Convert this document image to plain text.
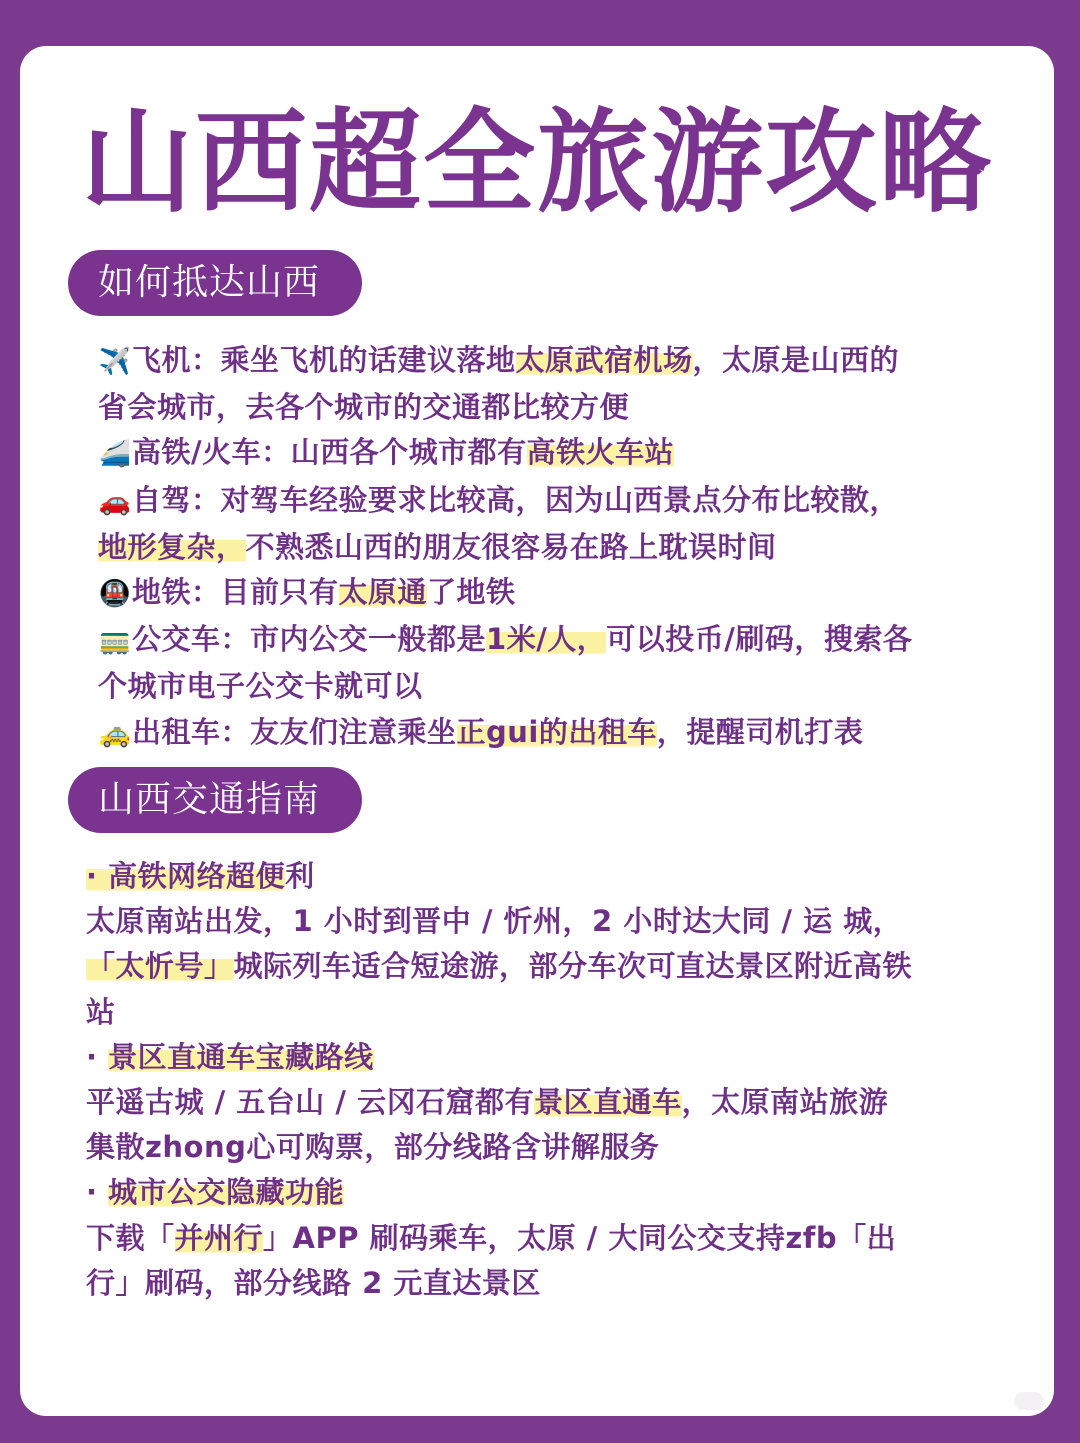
山西超全旅游攻略
如何抵达山西
✈️飞机：乘坐飞机的话建议落地太原武宿机场，太原是山西的
省会城市，去各个城市的交通都比较方便
🚄高铁/火车：山西各个城市都有高铁火车站
🚗自驾：对驾车经验要求比较高，因为山西景点分布比较散，
地形复杂，不熟悉山西的朋友很容易在路上耽误时间
🚇地铁：目前只有太原通了地铁
🚃公交车：市内公交一般都是1米/人，可以投币/刷码，搜索各
个城市电子公交卡就可以
🚕出租车：友友们注意乘坐正gui的出租车，提醒司机打表
山西交通指南
· 高铁网络超便利
太原南站出发，1 小时到晋中 / 忻州，2 小时达大同 / 运 城，
「太忻号」城际列车适合短途游，部分车次可直达景区附近高铁
站
· 景区直通车宝藏路线
平遥古城 / 五台山 / 云冈石窟都有景区直通车，太原南站旅游
集散zhong心可购票，部分线路含讲解服务
· 城市公交隐藏功能
下载「并州行」APP 刷码乘车，太原 / 大同公交支持zfb「出
行」刷码，部分线路 2 元直达景区
